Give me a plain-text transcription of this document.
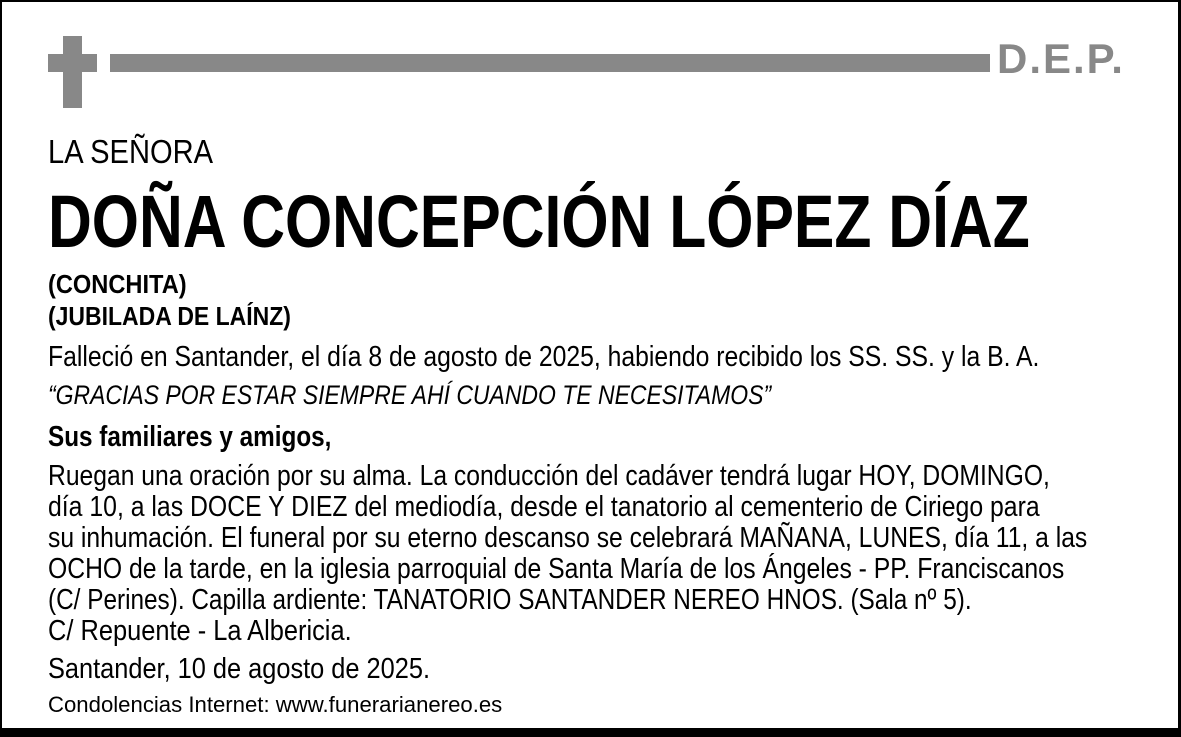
D.E.P.
LA SEÑORA
DOÑA CONCEPCIÓN LÓPEZ DÍAZ
(CONCHITA)
(JUBILADA DE LAÍNZ)
Falleció en Santander, el día 8 de agosto de 2025, habiendo recibido los SS. SS. y la B. A.
“GRACIAS POR ESTAR SIEMPRE AHÍ CUANDO TE NECESITAMOS”
Sus familiares y amigos,
Ruegan una oración por su alma. La conducción del cadáver tendrá lugar HOY, DOMINGO,
día 10, a las DOCE Y DIEZ del mediodía, desde el tanatorio al cementerio de Ciriego para
su inhumación. El funeral por su eterno descanso se celebrará MAÑANA, LUNES, día 11, a las
OCHO de la tarde, en la iglesia parroquial de Santa María de los Ángeles - PP. Franciscanos
(C/ Perines). Capilla ardiente: TANATORIO SANTANDER NEREO HNOS. (Sala nº 5).
C/ Repuente - La Albericia.
Santander, 10 de agosto de 2025.
Condolencias Internet: www.funerarianereo.es
